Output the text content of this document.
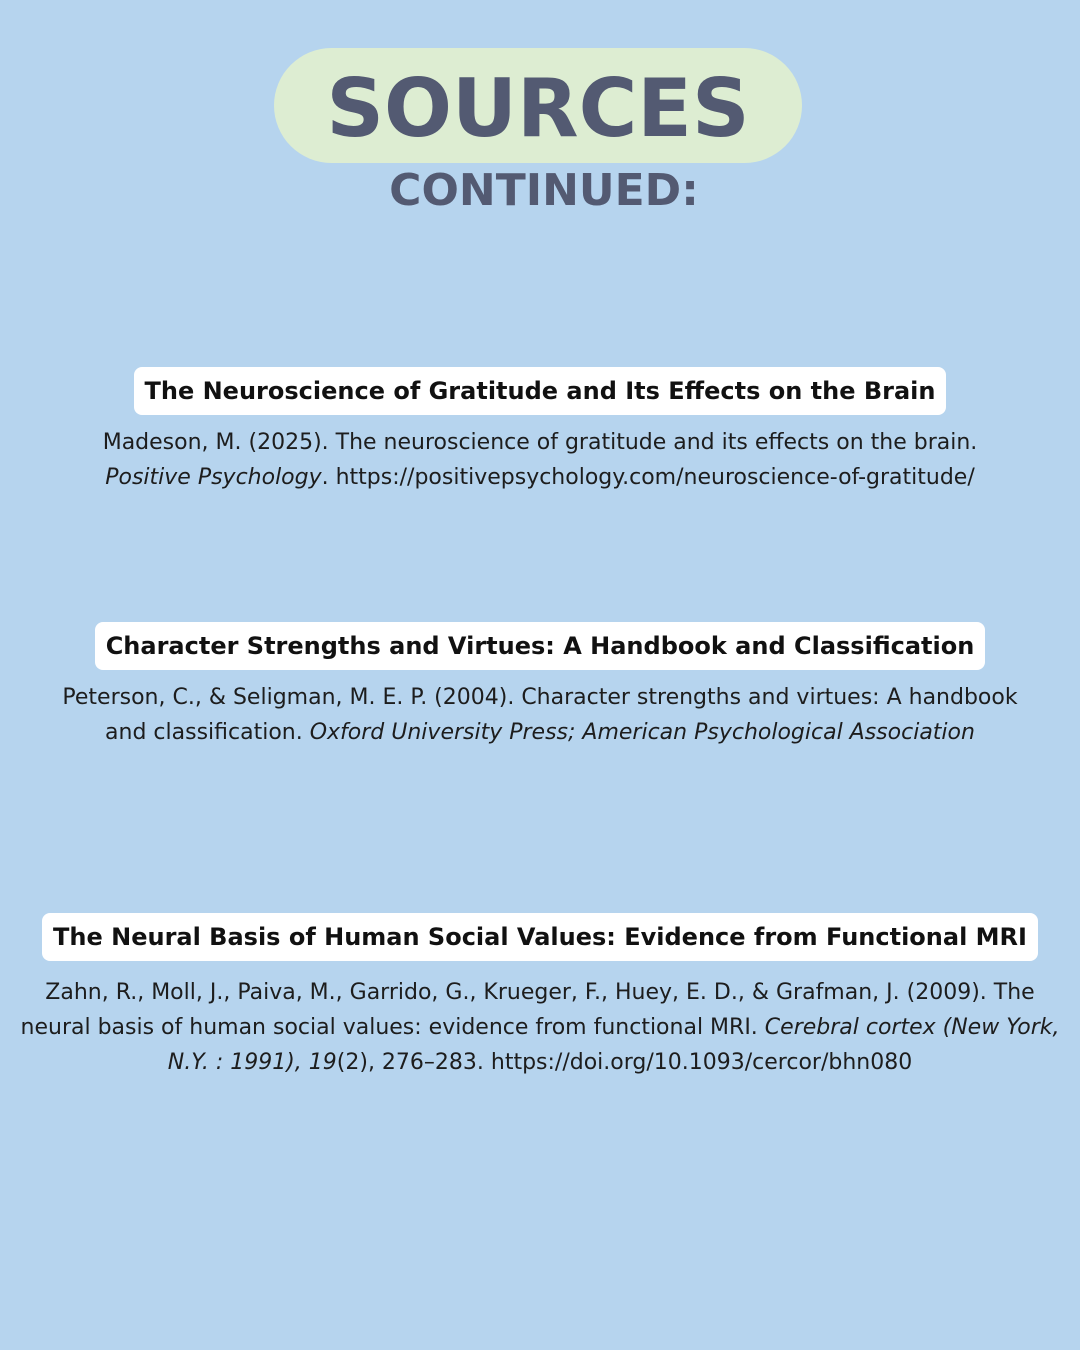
SOURCES
CONTINUED:
The Neuroscience of Gratitude and Its Effects on the Brain
Madeson, M. (2025). The neuroscience of gratitude and its effects on the brain.
Positive Psychology. https://positivepsychology.com/neuroscience-of-gratitude/
Character Strengths and Virtues: A Handbook and Classification
Peterson, C., & Seligman, M. E. P. (2004). Character strengths and virtues: A handbook and classification. Oxford University Press; American Psychological Association
The Neural Basis of Human Social Values: Evidence from Functional MRI
Zahn, R., Moll, J., Paiva, M., Garrido, G., Krueger, F., Huey, E. D., & Grafman, J. (2009). The neural basis of human social values: evidence from functional MRI. Cerebral cortex (New York, N.Y. : 1991), 19(2), 276–283. https://doi.org/10.1093/cercor/bhn080
